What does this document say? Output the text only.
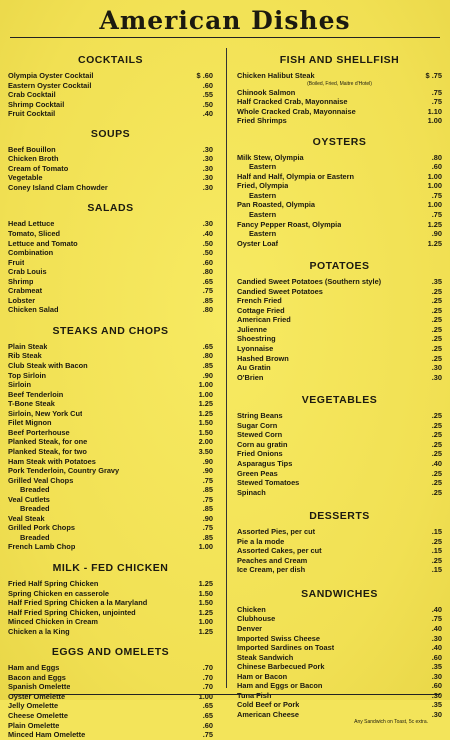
American Dishes
COCKTAILS
Olympia Oyster Cocktail	$ .60
Eastern Oyster Cocktail	.60
Crab Cocktail	.55
Shrimp Cocktail	.50
Fruit Cocktail	.40
SOUPS
Beef Bouillon	.30
Chicken Broth	.30
Cream of Tomato	.30
Vegetable	.30
Coney Island Clam Chowder	.30
SALADS
Head Lettuce	.30
Tomato, Sliced	.40
Lettuce and Tomato	.50
Combination	.50
Fruit	.60
Crab Louis	.80
Shrimp	.65
Crabmeat	.75
Lobster	.85
Chicken Salad	.80
STEAKS AND CHOPS
Plain Steak	.65
Rib Steak	.80
Club Steak with Bacon	.85
Top Sirloin	.90
Sirloin	1.00
Beef Tenderloin	1.00
T-Bone Steak	1.25
Sirloin, New York Cut	1.25
Filet Mignon	1.50
Beef Porterhouse	1.50
Planked Steak, for one	2.00
Planked Steak, for two	3.50
Ham Steak with Potatoes	.90
Pork Tenderloin, Country Gravy	.90
Grilled Veal Chops	.75
Breaded	.85
Veal Cutlets	.75
Breaded	.85
Veal Steak	.90
Grilled Pork Chops	.75
Breaded	.85
French Lamb Chop	1.00
MILK - FED CHICKEN
Fried Half Spring Chicken	1.25
Spring Chicken en casserole	1.50
Half Fried Spring Chicken a la Maryland	1.50
Half Fried Spring Chicken, unjointed	1.25
Minced Chicken in Cream	1.00
Chicken a la King	1.25
EGGS AND OMELETS
Ham and Eggs	.70
Bacon and Eggs	.70
Spanish Omelette	.70
Oyster Omelette	1.00
Jelly Omelette	.65
Cheese Omelette	.65
Plain Omelette	.60
Minced Ham Omelette	.75
FISH AND SHELLFISH
Chicken Halibut Steak	$ .75
(Boiled, Fried, Maitre d'Hotel)
Chinook Salmon	.75
Half Cracked Crab, Mayonnaise	.75
Whole Cracked Crab, Mayonnaise	1.10
Fried Shrimps	1.00
OYSTERS
Milk Stew, Olympia	.80
Eastern	.60
Half and Half, Olympia or Eastern	1.00
Fried, Olympia	1.00
Eastern	.75
Pan Roasted, Olympia	1.00
Eastern	.75
Fancy Pepper Roast, Olympia	1.25
Eastern	.90
Oyster Loaf	1.25
POTATOES
Candied Sweet Potatoes (Southern style)	.35
Candied Sweet Potatoes	.25
French Fried	.25
Cottage Fried	.25
American Fried	.25
Julienne	.25
Shoestring	.25
Lyonnaise	.25
Hashed Brown	.25
Au Gratin	.30
O'Brien	.30
VEGETABLES
String Beans	.25
Sugar Corn	.25
Stewed Corn	.25
Corn au gratin	.25
Fried Onions	.25
Asparagus Tips	.40
Green Peas	.25
Stewed Tomatoes	.25
Spinach	.25
DESSERTS
Assorted Pies, per cut	.15
Pie a la mode	.25
Assorted Cakes, per cut	.15
Peaches and Cream	.25
Ice Cream, per dish	.15
SANDWICHES
Chicken	.40
Clubhouse	.75
Denver	.40
Imported Swiss Cheese	.30
Imported Sardines on Toast	.40
Steak Sandwich	.60
Chinese Barbecued Pork	.35
Ham or Bacon	.30
Ham and Eggs or Bacon	.60
Tuna Fish	.30
Cold Beef or Pork	.35
American Cheese	.30
Any Sandwich on Toast, 5c extra.
